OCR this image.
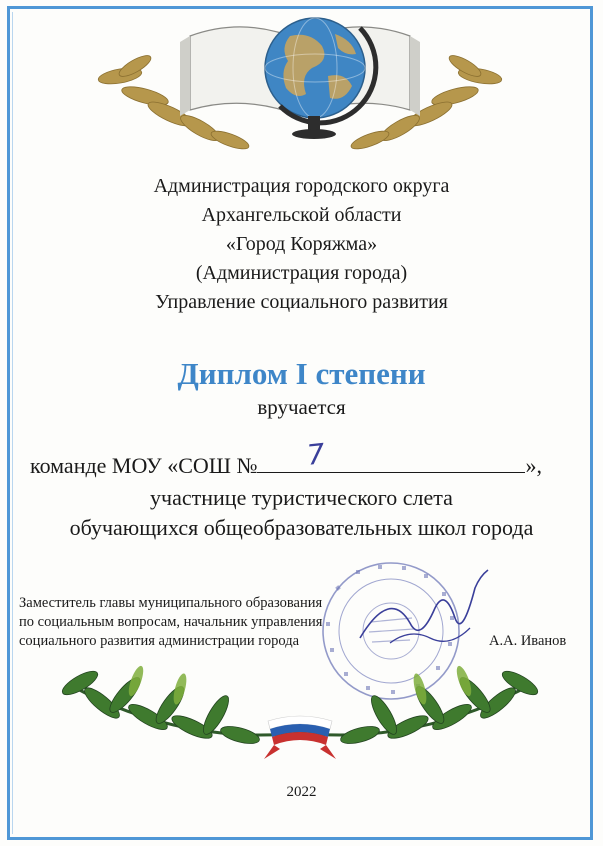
Администрация городского округа
Архангельской области
«Город Коряжма»
(Администрация города)
Управление социального развития
Диплом I степени
вручается
команде МОУ «СОШ № 7	»,
участнице туристического слета
обучающихся общеобразовательных школ города
Заместитель главы муниципального образования
по социальным вопросам, начальник управления
социального развития администрации города	А.А. Иванов
2022
